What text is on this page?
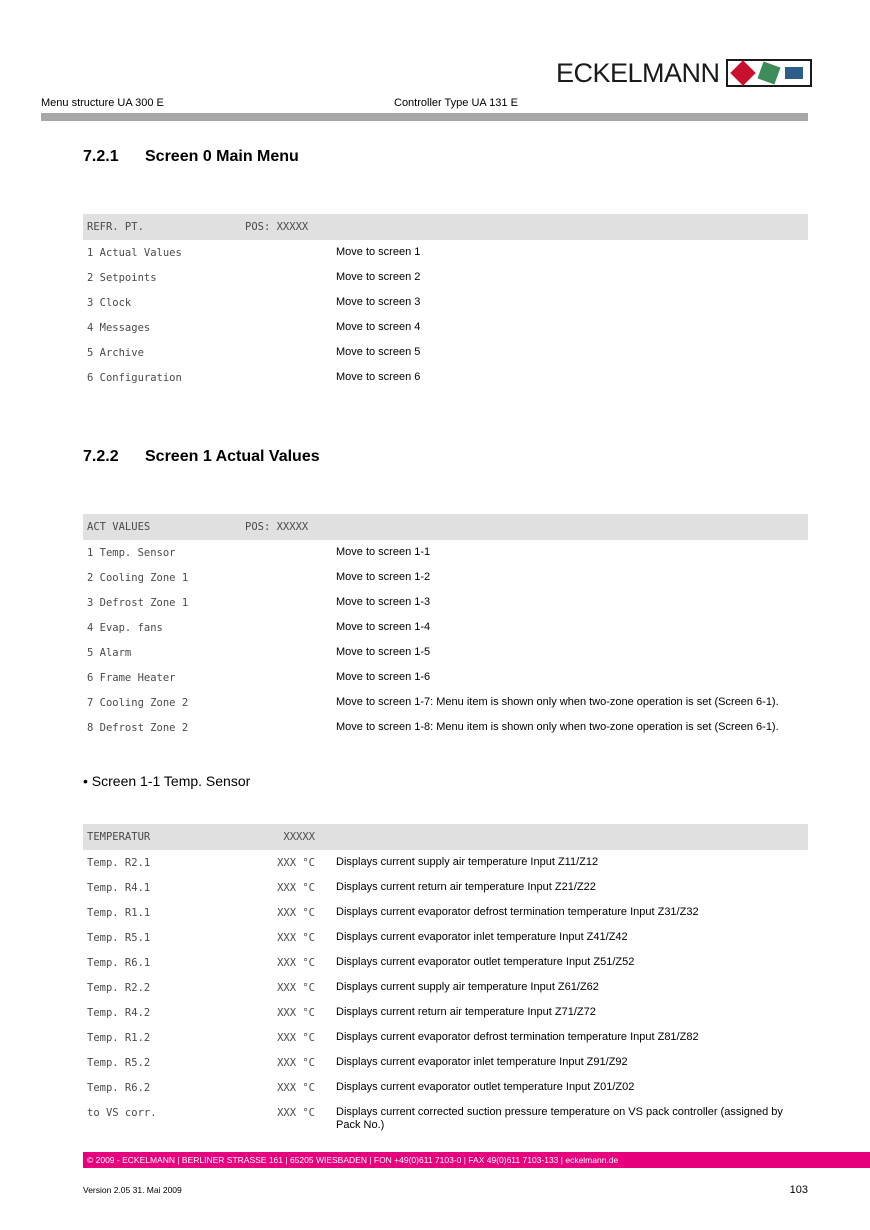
ECKELMANN
Menu structure UA 300 E	Controller Type UA 131 E
7.2.1 Screen 0 Main Menu
REFR. PT.	POS: XXXXX
1 Actual Values	Move to screen 1
2 Setpoints	Move to screen 2
3 Clock	Move to screen 3
4 Messages	Move to screen 4
5 Archive	Move to screen 5
6 Configuration	Move to screen 6
7.2.2 Screen 1 Actual Values
ACT VALUES	POS: XXXXX
1 Temp. Sensor	Move to screen 1-1
2 Cooling Zone 1	Move to screen 1-2
3 Defrost Zone 1	Move to screen 1-3
4 Evap. fans	Move to screen 1-4
5 Alarm	Move to screen 1-5
6 Frame Heater	Move to screen 1-6
7 Cooling Zone 2	Move to screen 1-7: Menu item is shown only when two-zone operation is set (Screen 6-1).
8 Defrost Zone 2	Move to screen 1-8: Menu item is shown only when two-zone operation is set (Screen 6-1).
• Screen 1-1 Temp. Sensor
TEMPERATUR	XXXXX
Temp. R2.1	XXX °C Displays current supply air temperature Input Z11/Z12
Temp. R4.1	XXX °C Displays current return air temperature Input Z21/Z22
Temp. R1.1	XXX °C Displays current evaporator defrost termination temperature Input Z31/Z32
Temp. R5.1	XXX °C Displays current evaporator inlet temperature Input Z41/Z42
Temp. R6.1	XXX °C Displays current evaporator outlet temperature Input Z51/Z52
Temp. R2.2	XXX °C Displays current supply air temperature Input Z61/Z62
Temp. R4.2	XXX °C Displays current return air temperature Input Z71/Z72
Temp. R1.2	XXX °C Displays current evaporator defrost termination temperature Input Z81/Z82
Temp. R5.2	XXX °C Displays current evaporator inlet temperature Input Z91/Z92
Temp. R6.2	XXX °C Displays current evaporator outlet temperature Input Z01/Z02
to VS corr.	XXX °C Displays current corrected suction pressure temperature on VS pack controller (assigned by Pack No.)
© 2009 - ECKELMANN | BERLINER STRASSE 161 | 65205 WIESBADEN | FON +49(0)611 7103-0 | FAX 49(0)611 7103-133 | eckelmann.de
Version 2.05 31. Mai 2009	103
